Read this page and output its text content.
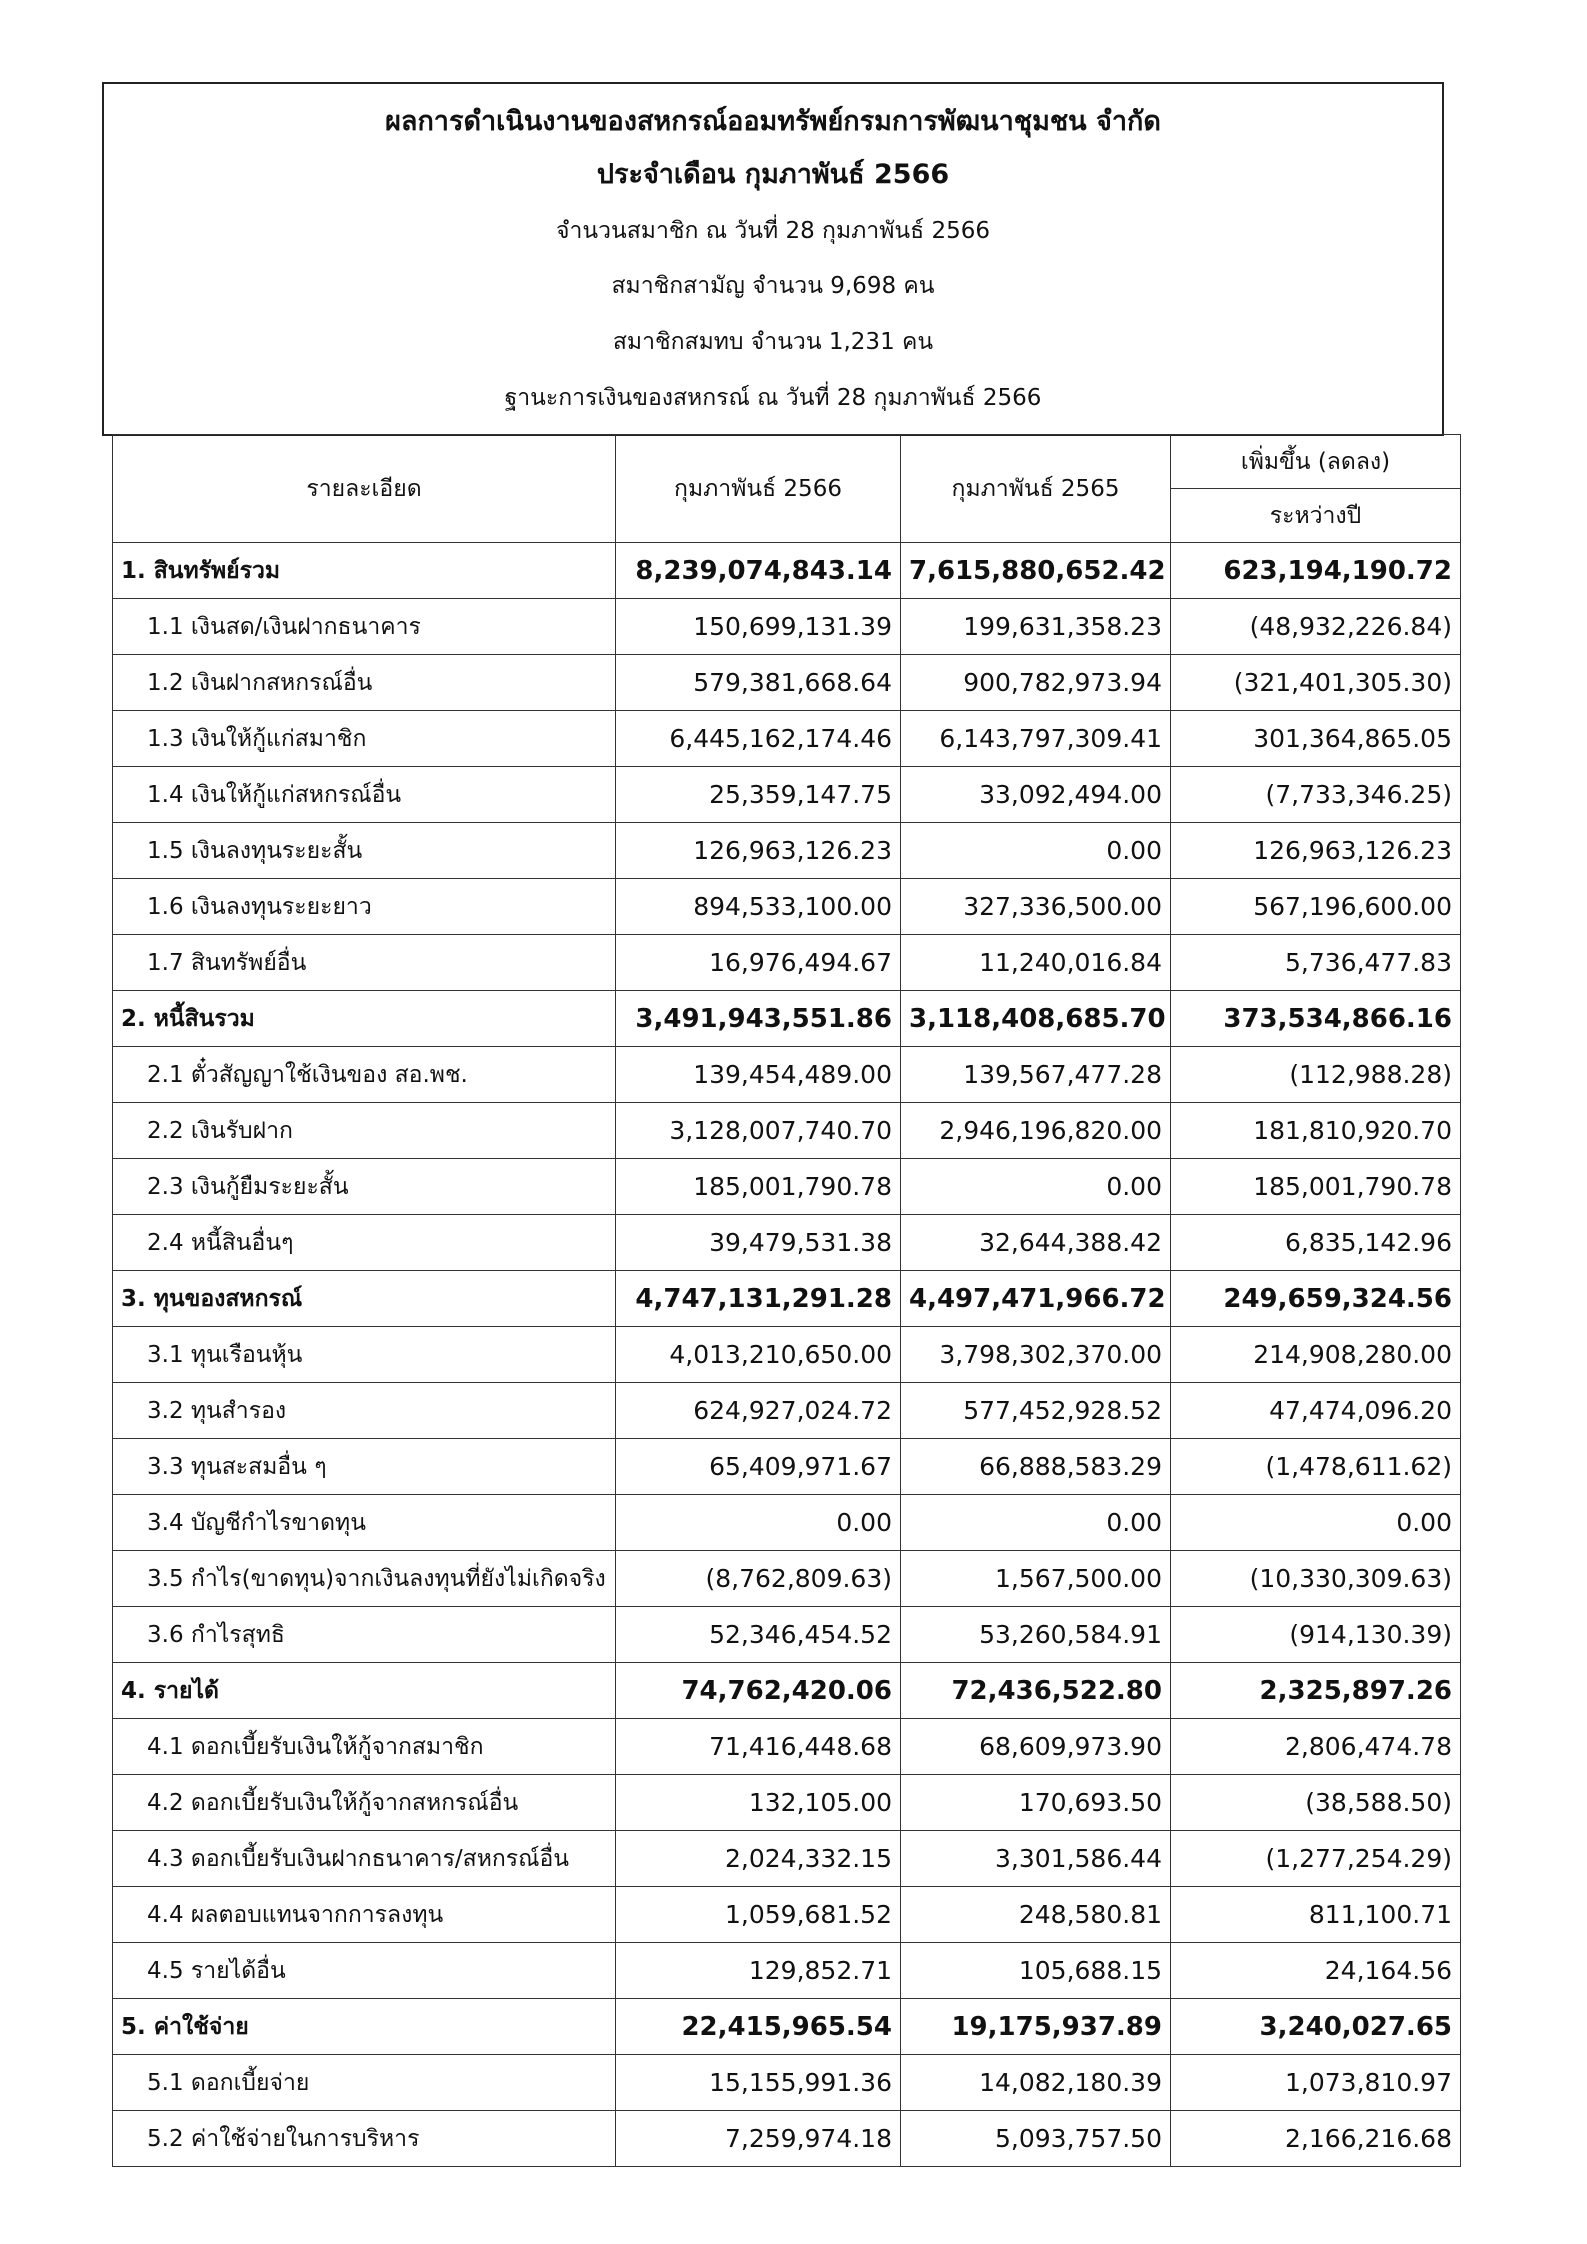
ผลการดำเนินงานของสหกรณ์ออมทรัพย์กรมการพัฒนาชุมชน จำกัด

ประจำเดือน กุมภาพันธ์ 2566

จำนวนสมาชิก ณ วันที่ 28 กุมภาพันธ์ 2566

สมาชิกสามัญ จำนวน 9,698 คน

สมาชิกสมทบ จำนวน 1,231 คน

ฐานะการเงินของสหกรณ์ ณ วันที่ 28 กุมภาพันธ์ 2566

รายละเอียด	กุมภาพันธ์ 2566	กุมภาพันธ์ 2565	เพิ่มขึ้น (ลดลง)
			ระหว่างปี
1. สินทรัพย์รวม	8,239,074,843.14	7,615,880,652.42	623,194,190.72
1.1 เงินสด/เงินฝากธนาคาร	150,699,131.39	199,631,358.23	(48,932,226.84)
1.2 เงินฝากสหกรณ์อื่น	579,381,668.64	900,782,973.94	(321,401,305.30)
1.3 เงินให้กู้แก่สมาชิก	6,445,162,174.46	6,143,797,309.41	301,364,865.05
1.4 เงินให้กู้แก่สหกรณ์อื่น	25,359,147.75	33,092,494.00	(7,733,346.25)
1.5 เงินลงทุนระยะสั้น	126,963,126.23	0.00	126,963,126.23
1.6 เงินลงทุนระยะยาว	894,533,100.00	327,336,500.00	567,196,600.00
1.7 สินทรัพย์อื่น	16,976,494.67	11,240,016.84	5,736,477.83
2. หนี้สินรวม	3,491,943,551.86	3,118,408,685.70	373,534,866.16
2.1 ตั๋วสัญญาใช้เงินของ สอ.พช.	139,454,489.00	139,567,477.28	(112,988.28)
2.2 เงินรับฝาก	3,128,007,740.70	2,946,196,820.00	181,810,920.70
2.3 เงินกู้ยืมระยะสั้น	185,001,790.78	0.00	185,001,790.78
2.4 หนี้สินอื่นๆ	39,479,531.38	32,644,388.42	6,835,142.96
3. ทุนของสหกรณ์	4,747,131,291.28	4,497,471,966.72	249,659,324.56
3.1 ทุนเรือนหุ้น	4,013,210,650.00	3,798,302,370.00	214,908,280.00
3.2 ทุนสำรอง	624,927,024.72	577,452,928.52	47,474,096.20
3.3 ทุนสะสมอื่น ๆ	65,409,971.67	66,888,583.29	(1,478,611.62)
3.4 บัญชีกำไรขาดทุน	0.00	0.00	0.00
3.5 กำไร(ขาดทุน)จากเงินลงทุนที่ยังไม่เกิดจริง	(8,762,809.63)	1,567,500.00	(10,330,309.63)
3.6 กำไรสุทธิ	52,346,454.52	53,260,584.91	(914,130.39)
4. รายได้	74,762,420.06	72,436,522.80	2,325,897.26
4.1 ดอกเบี้ยรับเงินให้กู้จากสมาชิก	71,416,448.68	68,609,973.90	2,806,474.78
4.2 ดอกเบี้ยรับเงินให้กู้จากสหกรณ์อื่น	132,105.00	170,693.50	(38,588.50)
4.3 ดอกเบี้ยรับเงินฝากธนาคาร/สหกรณ์อื่น	2,024,332.15	3,301,586.44	(1,277,254.29)
4.4 ผลตอบแทนจากการลงทุน	1,059,681.52	248,580.81	811,100.71
4.5 รายได้อื่น	129,852.71	105,688.15	24,164.56
5. ค่าใช้จ่าย	22,415,965.54	19,175,937.89	3,240,027.65
5.1 ดอกเบี้ยจ่าย	15,155,991.36	14,082,180.39	1,073,810.97
5.2 ค่าใช้จ่ายในการบริหาร	7,259,974.18	5,093,757.50	2,166,216.68
